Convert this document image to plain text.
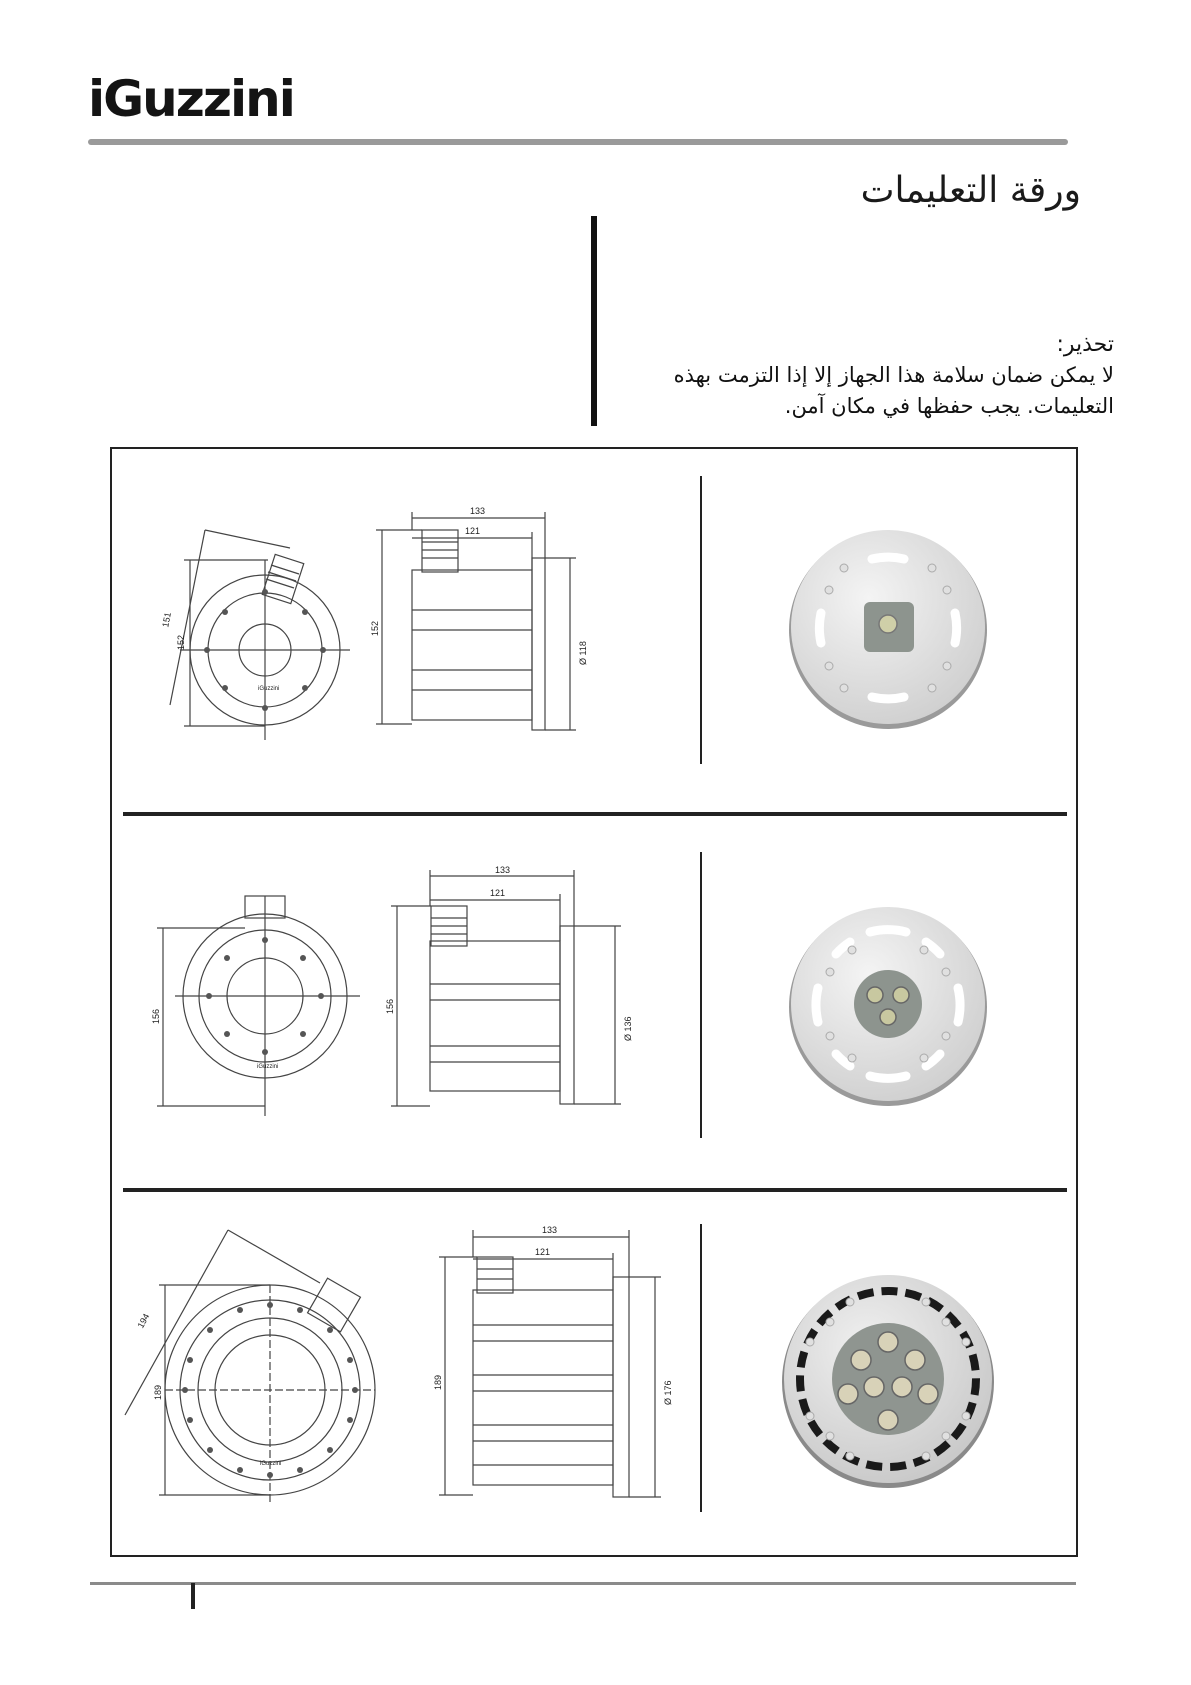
iGuzzini
ورقة التعليمات
تحذير:
لا يمكن ضمان سلامة هذا الجهاز إلا إذا التزمت بهذه
التعليمات. يجب حفظها في مكان آمن.
iGuzzini
152
151
133
121
152
Ø 118
iGuzzini
156
133
121
156
Ø 136
iGuzzini
189
194
133
121
189	Ø 176
